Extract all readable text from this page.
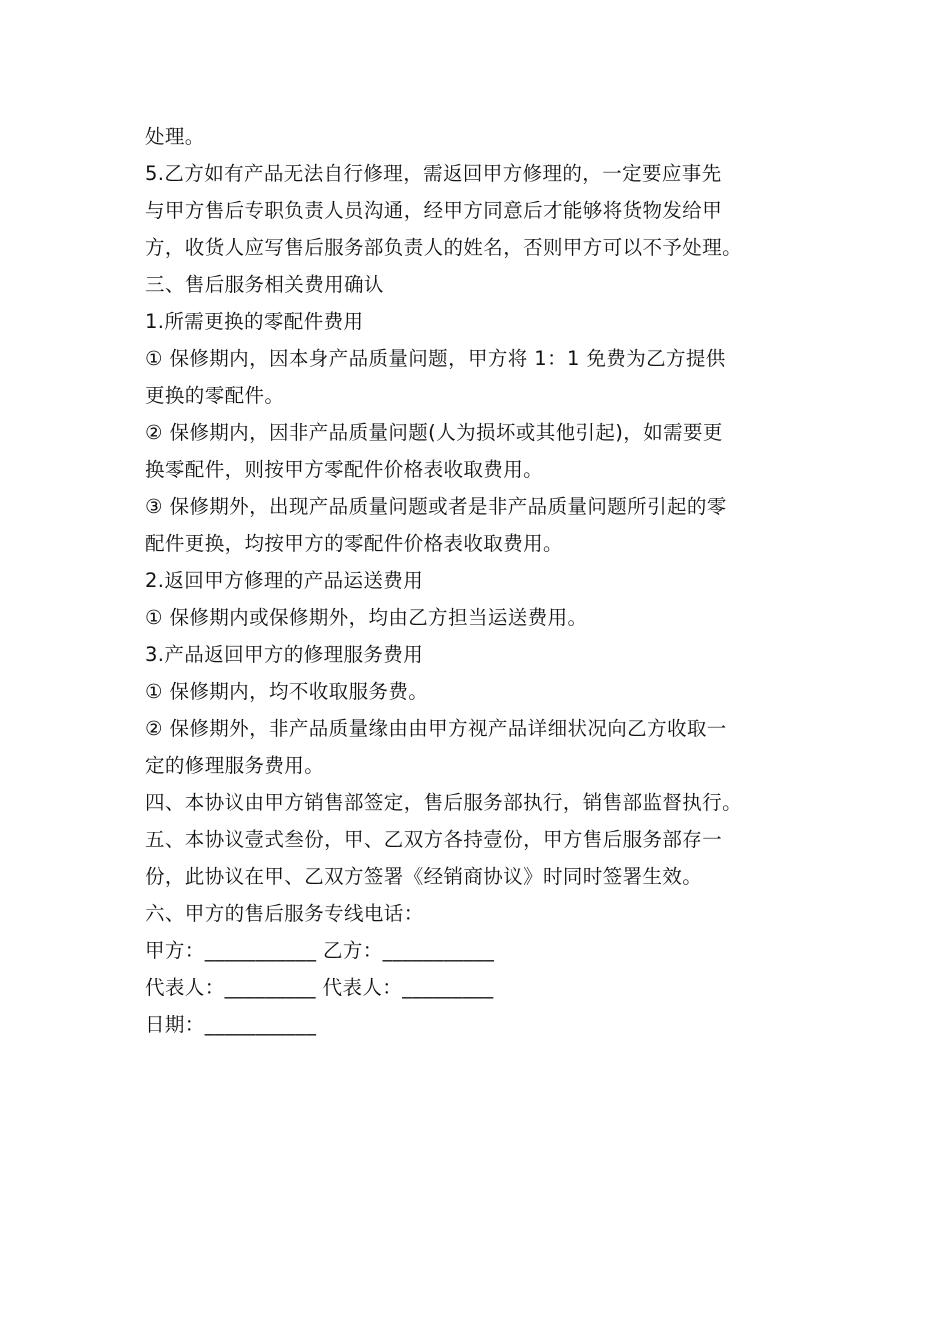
处理。
5.乙方如有产品无法自行修理，需返回甲方修理的，一定要应事先
与甲方售后专职负责人员沟通，经甲方同意后才能够将货物发给甲
方，收货人应写售后服务部负责人的姓名，否则甲方可以不予处理。
三、售后服务相关费用确认
1.所需更换的零配件费用
① 保修期内，因本身产品质量问题，甲方将 1：1 免费为乙方提供
更换的零配件。
② 保修期内，因非产品质量问题(人为损坏或其他引起)，如需要更
换零配件，则按甲方零配件价格表收取费用。
③ 保修期外，出现产品质量问题或者是非产品质量问题所引起的零
配件更换，均按甲方的零配件价格表收取费用。
2.返回甲方修理的产品运送费用
① 保修期内或保修期外，均由乙方担当运送费用。
3.产品返回甲方的修理服务费用
① 保修期内，均不收取服务费。
② 保修期外，非产品质量缘由由甲方视产品详细状况向乙方收取一
定的修理服务费用。
四、本协议由甲方销售部签定，售后服务部执行，销售部监督执行。
五、本协议壹式叁份，甲、乙双方各持壹份，甲方售后服务部存一
份，此协议在甲、乙双方签署《经销商协议》时同时签署生效。
六、甲方的售后服务专线电话：
甲方：___________ 乙方：___________
代表人：_________ 代表人：_________
日期：___________
